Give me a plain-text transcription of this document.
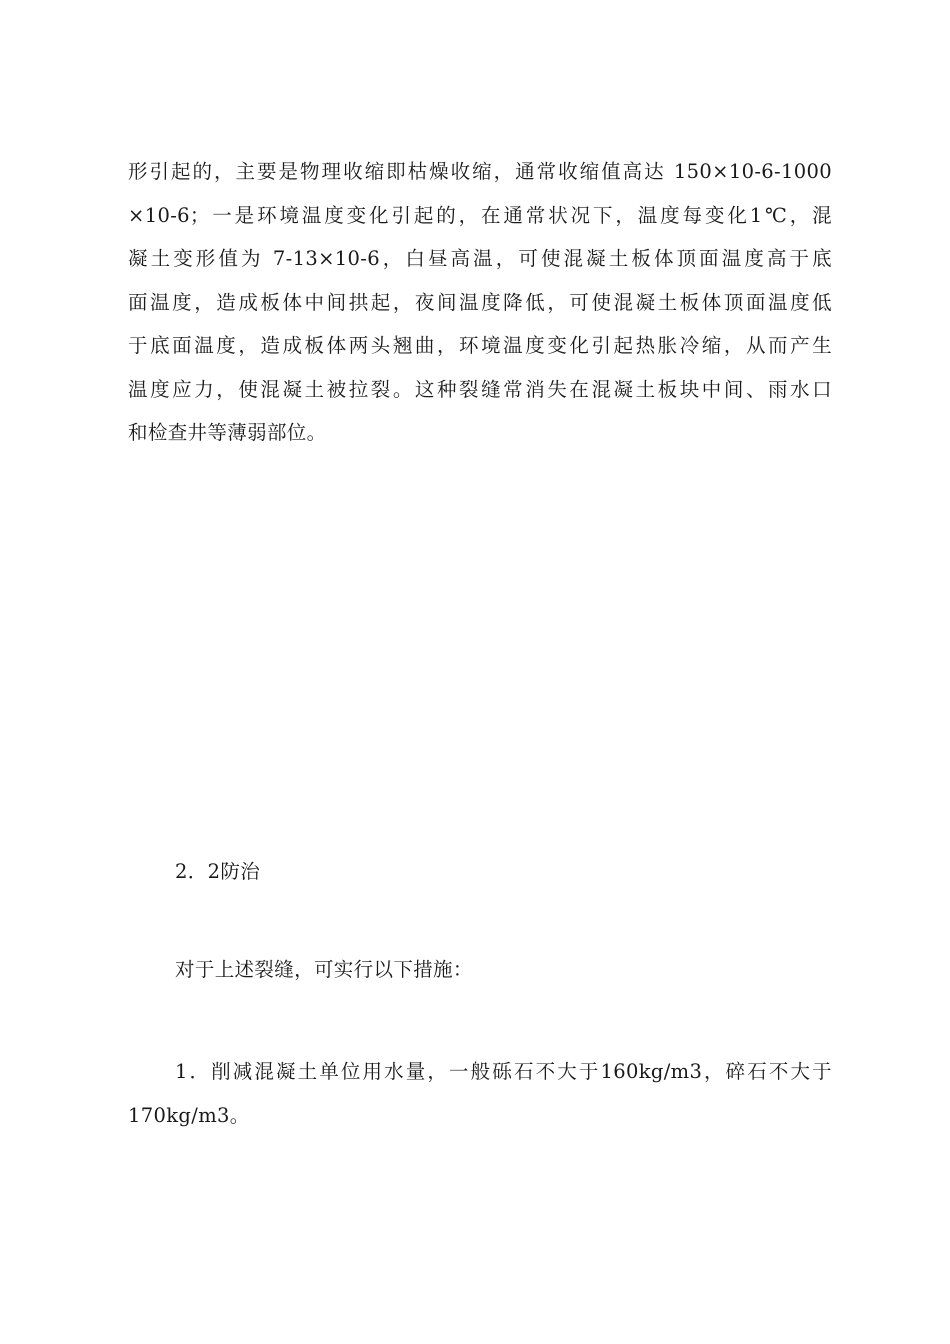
形引起的，主要是物理收缩即枯燥收缩，通常收缩值高达 150×10-6-1000
×10-6；一是环境温度变化引起的，在通常状况下，温度每变化1℃，混
凝土变形值为 7-13×10-6，白昼高温，可使混凝土板体顶面温度高于底
面温度，造成板体中间拱起，夜间温度降低，可使混凝土板体顶面温度低
于底面温度，造成板体两头翘曲，环境温度变化引起热胀冷缩，从而产生
温度应力，使混凝土被拉裂。这种裂缝常消失在混凝土板块中间、雨水口
和检查井等薄弱部位。
2．2防治
对于上述裂缝，可实行以下措施：
1．削减混凝土单位用水量，一般砾石不大于160kg/m3，碎石不大于
170kg/m3。
